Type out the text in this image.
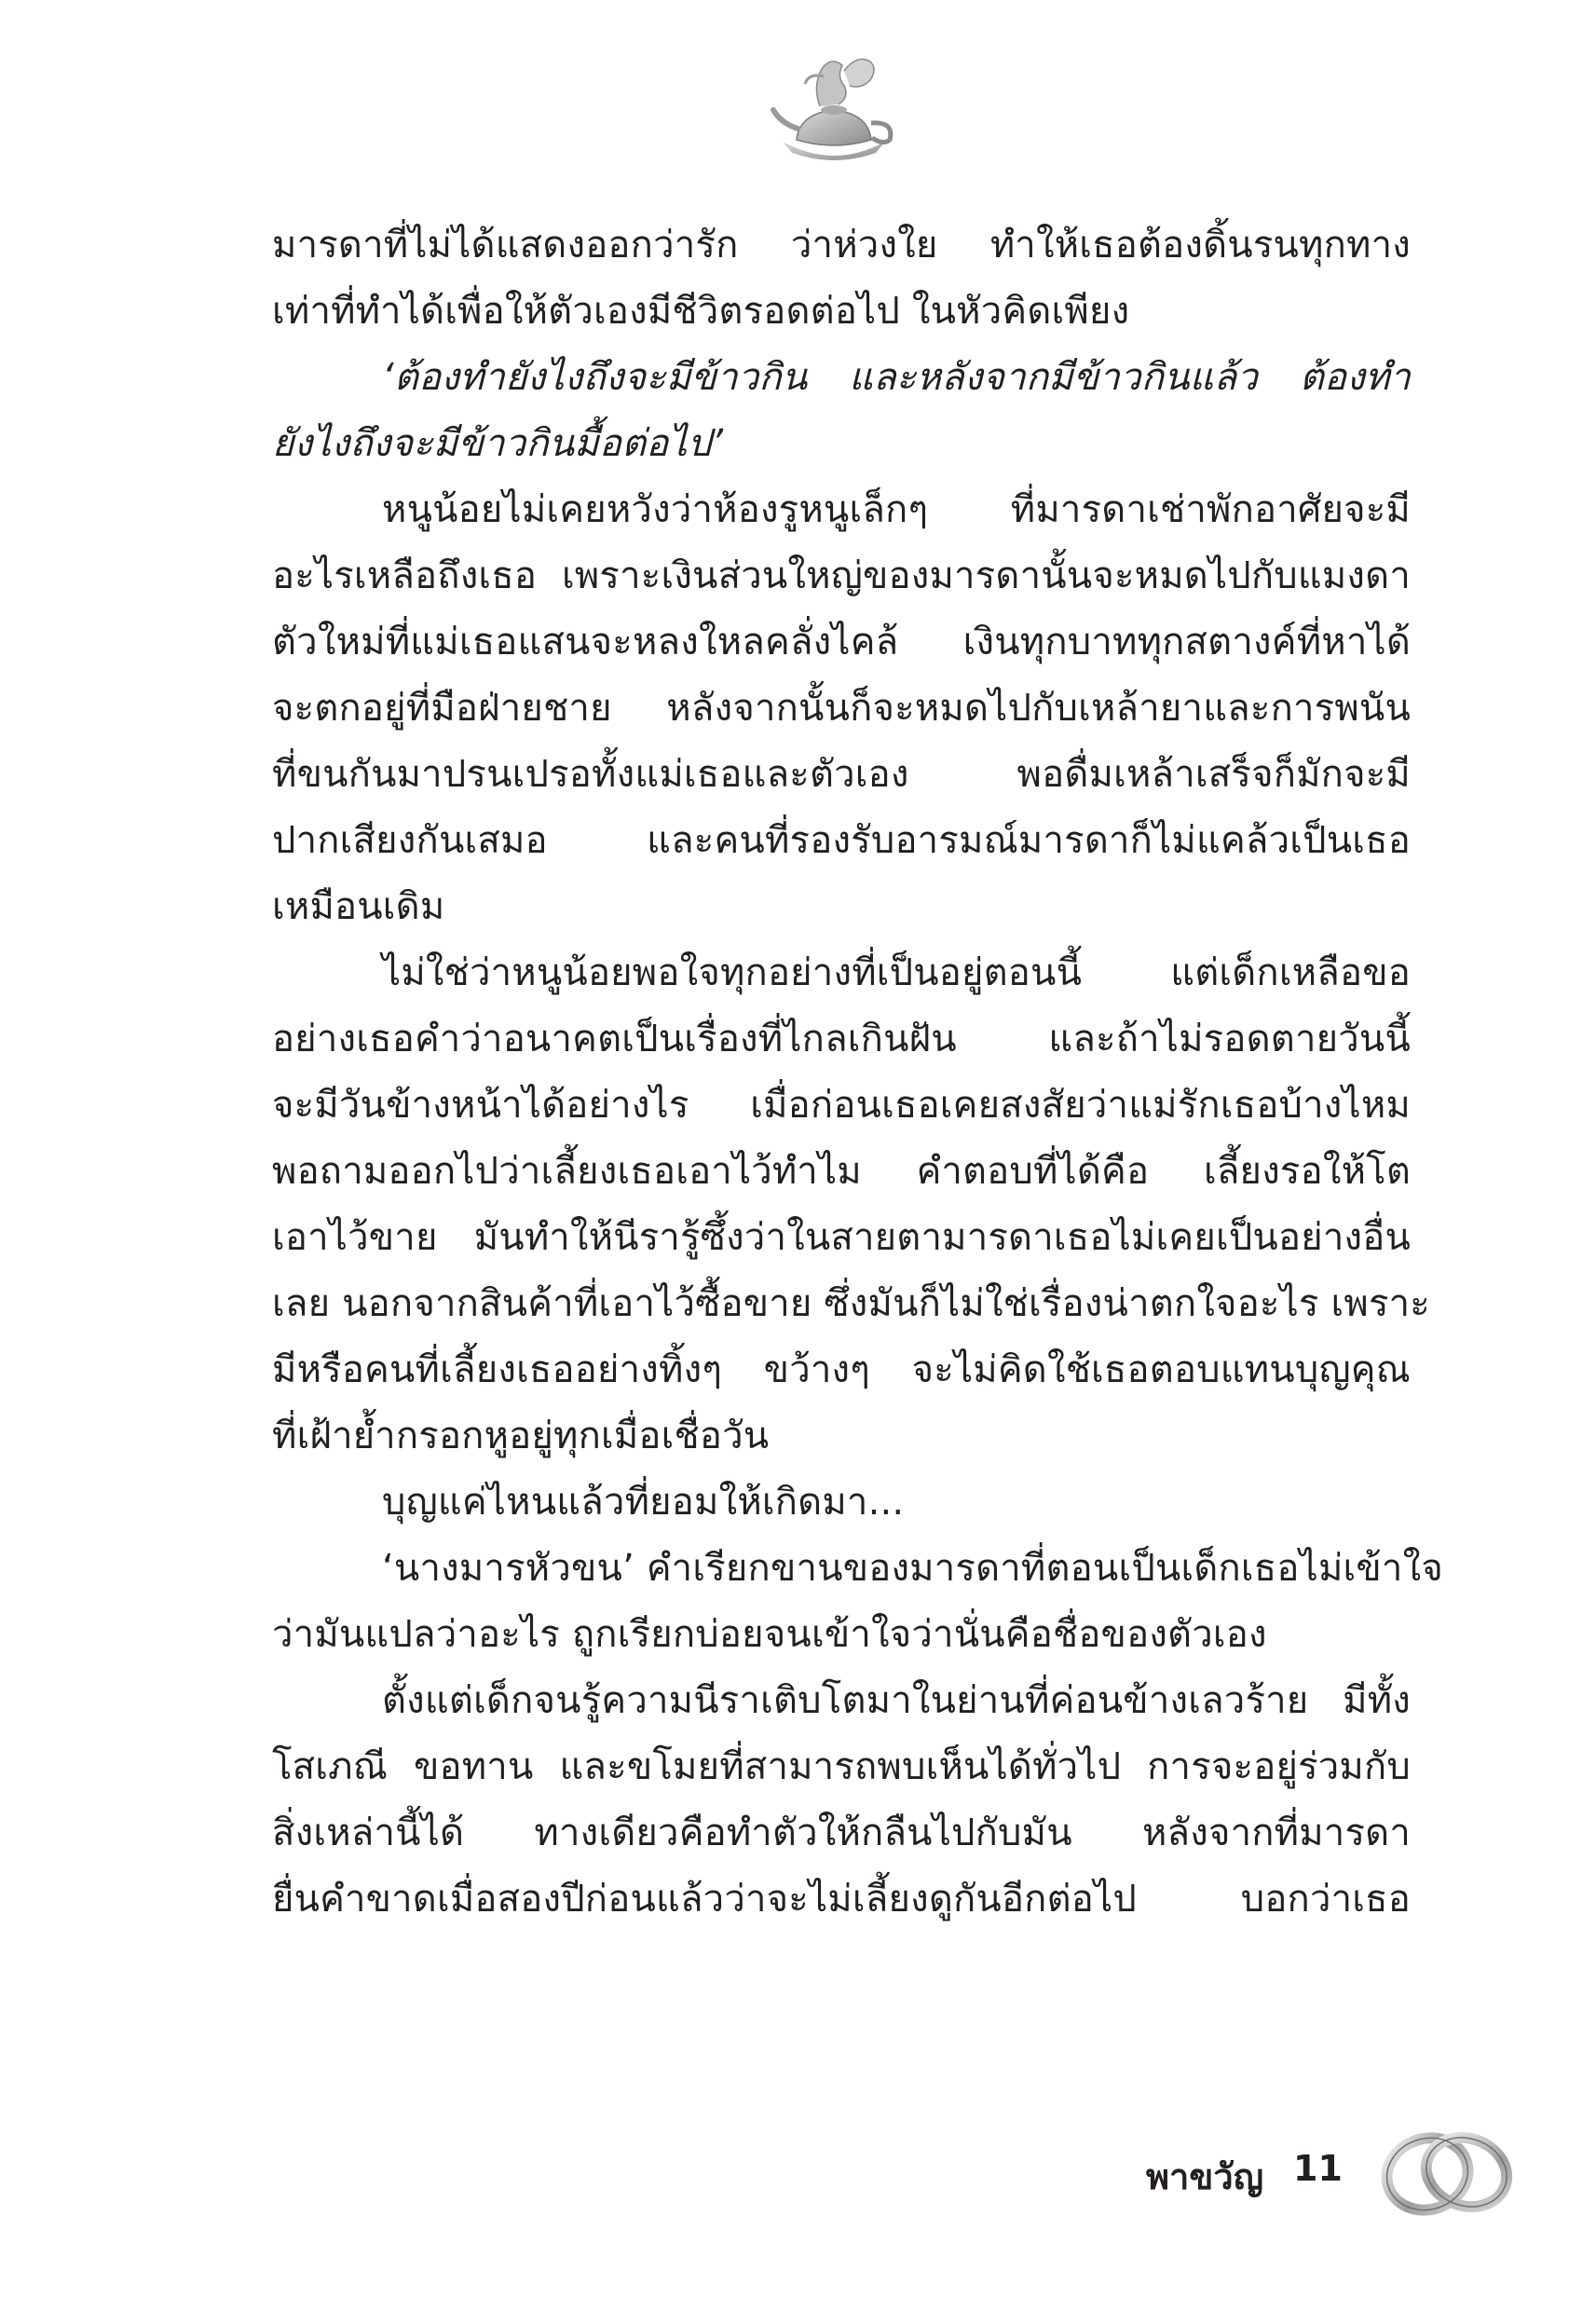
มารดาที่ไม่ได้แสดงออกว่ารัก ว่าห่วงใย ทำให้เธอต้องดิ้นรนทุกทาง
เท่าที่ทำได้เพื่อให้ตัวเองมีชีวิตรอดต่อไป ในหัวคิดเพียง
‘ต้องทำยังไงถึงจะมีข้าวกิน และหลังจากมีข้าวกินแล้ว ต้องทำ
ยังไงถึงจะมีข้าวกินมื้อต่อไป’
หนูน้อยไม่เคยหวังว่าห้องรูหนูเล็กๆ ที่มารดาเช่าพักอาศัยจะมี
อะไรเหลือถึงเธอ เพราะเงินส่วนใหญ่ของมารดานั้นจะหมดไปกับแมงดา
ตัวใหม่ที่แม่เธอแสนจะหลงใหลคลั่งไคล้ เงินทุกบาททุกสตางค์ที่หาได้
จะตกอยู่ที่มือฝ่ายชาย หลังจากนั้นก็จะหมดไปกับเหล้ายาและการพนัน
ที่ขนกันมาปรนเปรอทั้งแม่เธอและตัวเอง พอดื่มเหล้าเสร็จก็มักจะมี
ปากเสียงกันเสมอ และคนที่รองรับอารมณ์มารดาก็ไม่แคล้วเป็นเธอ
เหมือนเดิม
ไม่ใช่ว่าหนูน้อยพอใจทุกอย่างที่เป็นอยู่ตอนนี้ แต่เด็กเหลือขอ
อย่างเธอคำว่าอนาคตเป็นเรื่องที่ไกลเกินฝัน และถ้าไม่รอดตายวันนี้
จะมีวันข้างหน้าได้อย่างไร เมื่อก่อนเธอเคยสงสัยว่าแม่รักเธอบ้างไหม
พอถามออกไปว่าเลี้ยงเธอเอาไว้ทำไม คำตอบที่ได้คือ เลี้ยงรอให้โต
เอาไว้ขาย มันทำให้นีรารู้ซึ้งว่าในสายตามารดาเธอไม่เคยเป็นอย่างอื่น
เลย นอกจากสินค้าที่เอาไว้ซื้อขาย ซึ่งมันก็ไม่ใช่เรื่องน่าตกใจอะไร เพราะ
มีหรือคนที่เลี้ยงเธออย่างทิ้งๆ ขว้างๆ จะไม่คิดใช้เธอตอบแทนบุญคุณ
ที่เฝ้าย้ำกรอกหูอยู่ทุกเมื่อเชื่อวัน
บุญแค่ไหนแล้วที่ยอมให้เกิดมา...
‘นางมารหัวขน’ คำเรียกขานของมารดาที่ตอนเป็นเด็กเธอไม่เข้าใจ
ว่ามันแปลว่าอะไร ถูกเรียกบ่อยจนเข้าใจว่านั่นคือชื่อของตัวเอง
ตั้งแต่เด็กจนรู้ความนีราเติบโตมาในย่านที่ค่อนข้างเลวร้าย มีทั้ง
โสเภณี ขอทาน และขโมยที่สามารถพบเห็นได้ทั่วไป การจะอยู่ร่วมกับ
สิ่งเหล่านี้ได้ ทางเดียวคือทำตัวให้กลืนไปกับมัน หลังจากที่มารดา
ยื่นคำขาดเมื่อสองปีก่อนแล้วว่าจะไม่เลี้ยงดูกันอีกต่อไป บอกว่าเธอ
พาขวัญ 11
